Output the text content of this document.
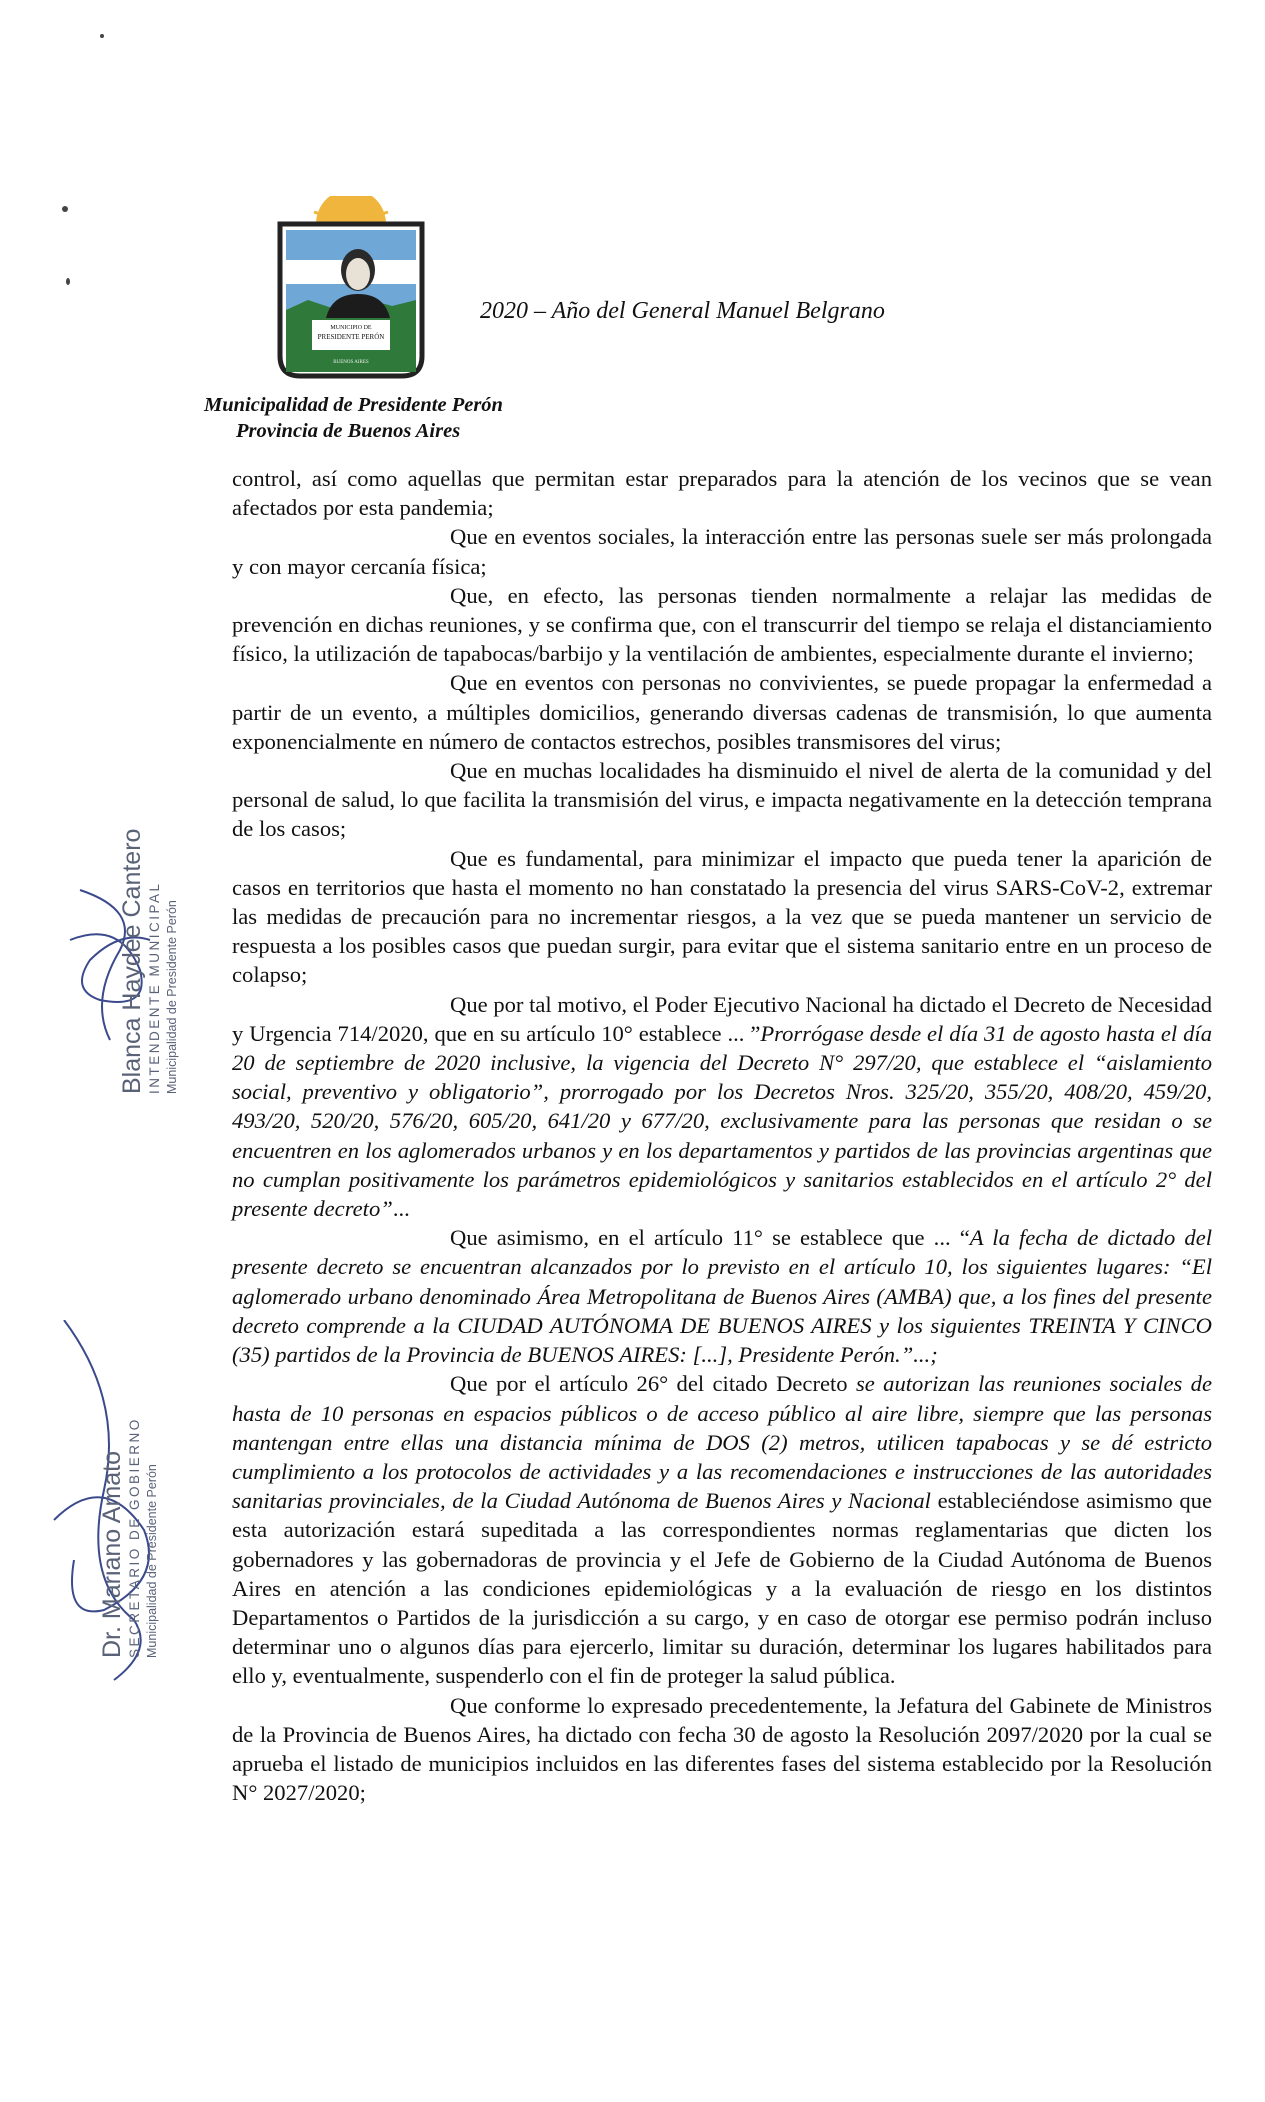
MUNICIPIO DE
PRESIDENTE PERÓN
BUENOS AIRES
2020 – Año del General Manuel Belgrano
Municipalidad de Presidente Perón
Provincia de Buenos Aires
Blanca Haydée Cantero INTENDENTE MUNICIPAL Municipalidad de Presidente Perón
Dr. Mariano Amato SECRETARIO DE GOBIERNO Municipalidad de Presidente Perón

control, así como aquellas que permitan estar preparados para la atención de los vecinos que se vean afectados por esta pandemia;

Que en eventos sociales, la interacción entre las personas suele ser más prolongada y con mayor cercanía física;

Que, en efecto, las personas tienden normalmente a relajar las medidas de prevención en dichas reuniones, y se confirma que, con el transcurrir del tiempo se relaja el distanciamiento físico, la utilización de tapabocas/barbijo y la ventilación de ambientes, especialmente durante el invierno;

Que en eventos con personas no convivientes, se puede propagar la enfermedad a partir de un evento, a múltiples domicilios, generando diversas cadenas de transmisión, lo que aumenta exponencialmente en número de contactos estrechos, posibles transmisores del virus;

Que en muchas localidades ha disminuido el nivel de alerta de la comunidad y del personal de salud, lo que facilita la transmisión del virus, e impacta negativamente en la detección temprana de los casos;

Que es fundamental, para minimizar el impacto que pueda tener la aparición de casos en territorios que hasta el momento no han constatado la presencia del virus SARS-CoV-2, extremar las medidas de precaución para no incrementar riesgos, a la vez que se pueda mantener un servicio de respuesta a los posibles casos que puedan surgir, para evitar que el sistema sanitario entre en un proceso de colapso;

Que por tal motivo, el Poder Ejecutivo Nacional ha dictado el Decreto de Necesidad y Urgencia 714/2020, que en su artículo 10° establece ... ”Prorrógase desde el día 31 de agosto hasta el día 20 de septiembre de 2020 inclusive, la vigencia del Decreto N° 297/20, que establece el “aislamiento social, preventivo y obligatorio”, prorrogado por los Decretos Nros. 325/20, 355/20, 408/20, 459/20, 493/20, 520/20, 576/20, 605/20, 641/20 y 677/20, exclusivamente para las personas que residan o se encuentren en los aglomerados urbanos y en los departamentos y partidos de las provincias argentinas que no cumplan positivamente los parámetros epidemiológicos y sanitarios establecidos en el artículo 2° del presente decreto”...

Que asimismo, en el artículo 11° se establece que ... “A la fecha de dictado del presente decreto se encuentran alcanzados por lo previsto en el artículo 10, los siguientes lugares: “El aglomerado urbano denominado Área Metropolitana de Buenos Aires (AMBA) que, a los fines del presente decreto comprende a la CIUDAD AUTÓNOMA DE BUENOS AIRES y los siguientes TREINTA Y CINCO (35) partidos de la Provincia de BUENOS AIRES: [...], Presidente Perón.”...;

Que por el artículo 26° del citado Decreto se autorizan las reuniones sociales de hasta de 10 personas en espacios públicos o de acceso público al aire libre, siempre que las personas mantengan entre ellas una distancia mínima de DOS (2) metros, utilicen tapabocas y se dé estricto cumplimiento a los protocolos de actividades y a las recomendaciones e instrucciones de las autoridades sanitarias provinciales, de la Ciudad Autónoma de Buenos Aires y Nacional estableciéndose asimismo que esta autorización estará supeditada a las correspondientes normas reglamentarias que dicten los gobernadores y las gobernadoras de provincia y el Jefe de Gobierno de la Ciudad Autónoma de Buenos Aires en atención a las condiciones epidemiológicas y a la evaluación de riesgo en los distintos Departamentos o Partidos de la jurisdicción a su cargo, y en caso de otorgar ese permiso podrán incluso determinar uno o algunos días para ejercerlo, limitar su duración, determinar los lugares habilitados para ello y, eventualmente, suspenderlo con el fin de proteger la salud pública.

Que conforme lo expresado precedentemente, la Jefatura del Gabinete de Ministros de la Provincia de Buenos Aires, ha dictado con fecha 30 de agosto la Resolución 2097/2020 por la cual se aprueba el listado de municipios incluidos en las diferentes fases del sistema establecido por la Resolución N° 2027/2020;
